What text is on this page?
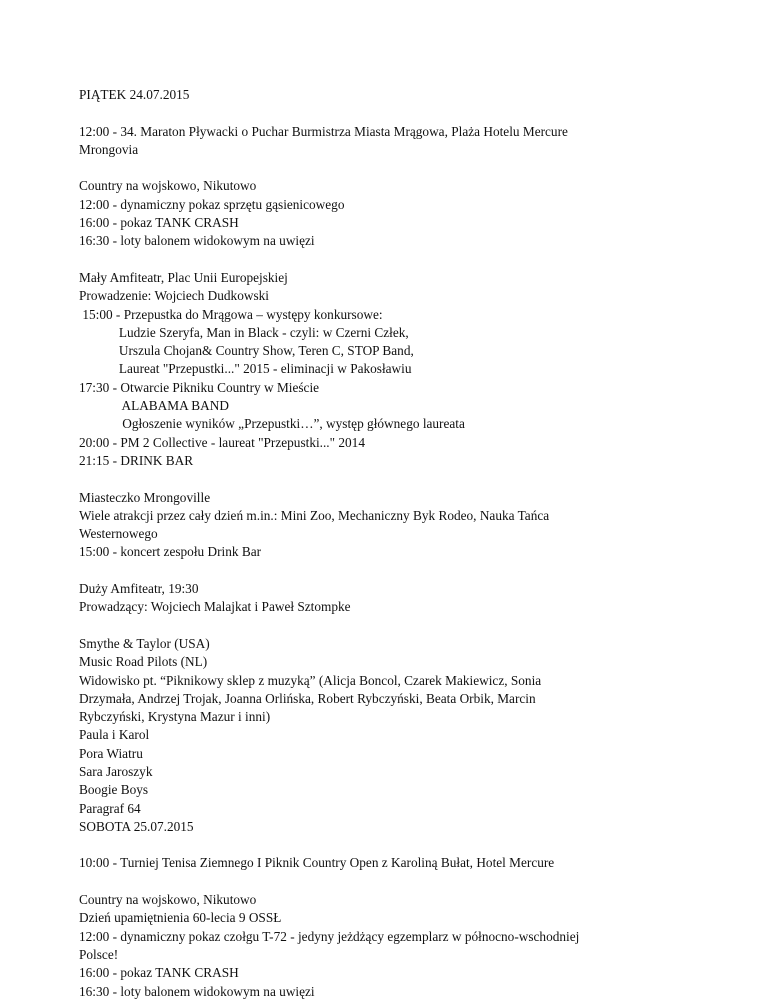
PIĄTEK 24.07.2015
12:00 - 34. Maraton Pływacki o Puchar Burmistrza Miasta Mrągowa, Plaża Hotelu Mercure
Mrongovia
Country na wojskowo, Nikutowo
12:00 - dynamiczny pokaz sprzętu gąsienicowego
16:00 - pokaz TANK CRASH
16:30 - loty balonem widokowym na uwięzi
Mały Amfiteatr, Plac Unii Europejskiej
Prowadzenie: Wojciech Dudkowski
15:00 - Przepustka do Mrągowa – występy konkursowe:
Ludzie Szeryfa, Man in Black - czyli: w Czerni Człek,
Urszula Chojan& Country Show, Teren C, STOP Band,
Laureat "Przepustki..." 2015 - eliminacji w Pakosławiu
17:30 - Otwarcie Pikniku Country w Mieście
ALABAMA BAND
Ogłoszenie wyników „Przepustki…”, występ głównego laureata
20:00 - PM 2 Collective - laureat "Przepustki..." 2014
21:15 - DRINK BAR
Miasteczko Mrongoville
Wiele atrakcji przez cały dzień m.in.: Mini Zoo, Mechaniczny Byk Rodeo, Nauka Tańca
Westernowego
15:00 - koncert zespołu Drink Bar
Duży Amfiteatr, 19:30
Prowadzący: Wojciech Malajkat i Paweł Sztompke
Smythe & Taylor (USA)
Music Road Pilots (NL)
Widowisko pt. “Piknikowy sklep z muzyką” (Alicja Boncol, Czarek Makiewicz, Sonia
Drzymała, Andrzej Trojak, Joanna Orlińska, Robert Rybczyński, Beata Orbik, Marcin
Rybczyński, Krystyna Mazur i inni)
Paula i Karol
Pora Wiatru
Sara Jaroszyk
Boogie Boys
Paragraf 64
SOBOTA 25.07.2015
10:00 - Turniej Tenisa Ziemnego I Piknik Country Open z Karoliną Bułat, Hotel Mercure
Country na wojskowo, Nikutowo
Dzień upamiętnienia 60-lecia 9 OSSŁ
12:00 - dynamiczny pokaz czołgu T-72 - jedyny jeżdżący egzemplarz w północno-wschodniej
Polsce!
16:00 - pokaz TANK CRASH
16:30 - loty balonem widokowym na uwięzi
